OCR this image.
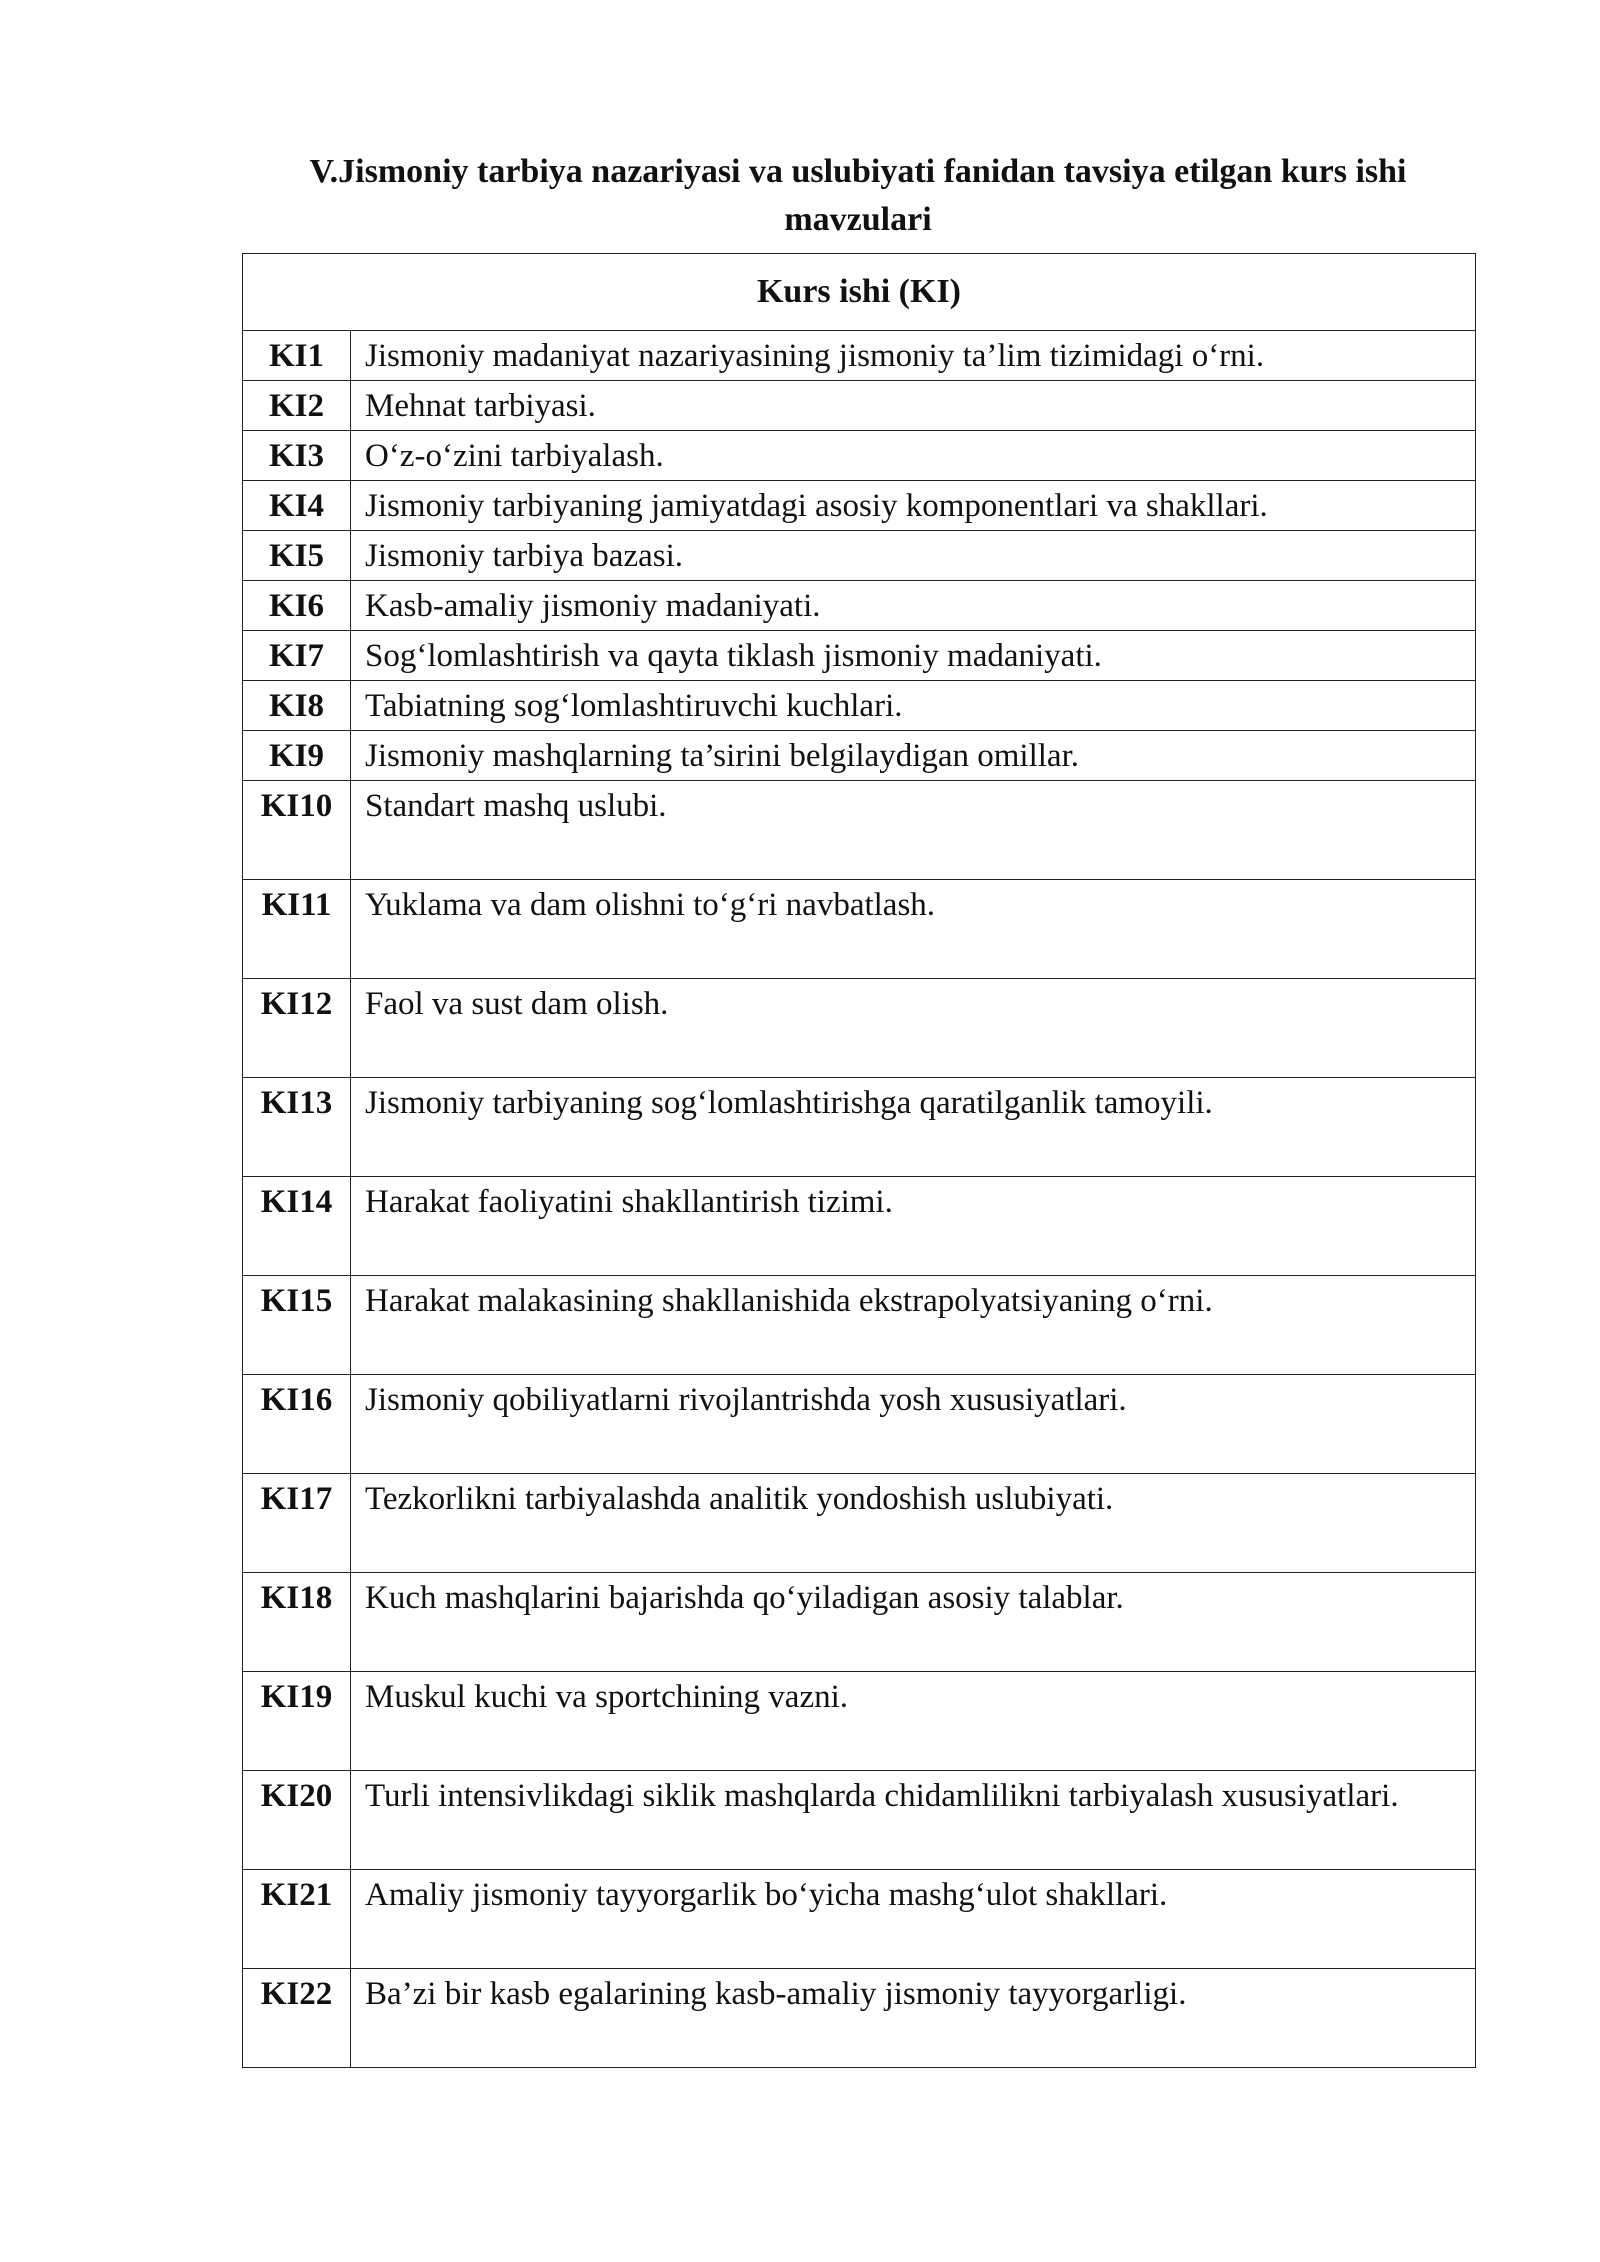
V.Jismoniy tarbiya nazariyasi va uslubiyati fanidan tavsiya etilgan kurs ishi mavzulari
Kurs ishi (KI)	
KI1	Jismoniy madaniyat nazariyasining jismoniy ta’lim tizimidagi o‘rni.
KI2	Mehnat tarbiyasi.
KI3	O‘z-o‘zini tarbiyalash.
KI4	Jismoniy tarbiyaning jamiyatdagi asosiy komponentlari va shakllari.
KI5	Jismoniy tarbiya bazasi.
KI6	Kasb-amaliy jismoniy madaniyati.
KI7	Sog‘lomlashtirish va qayta tiklash jismoniy madaniyati.
KI8	Tabiatning sog‘lomlashtiruvchi kuchlari.
KI9	Jismoniy mashqlarning ta’sirini belgilaydigan omillar.
KI10	Standart mashq uslubi.
KI11	Yuklama va dam olishni to‘g‘ri navbatlash.
KI12	Faol va sust dam olish.
KI13	Jismoniy tarbiyaning sog‘lomlashtirishga qaratilganlik tamoyili.
KI14	Harakat faoliyatini shakllantirish tizimi.
KI15	Harakat malakasining shakllanishida ekstrapolyatsiyaning o‘rni.
KI16	Jismoniy qobiliyatlarni rivojlantrishda yosh xususiyatlari.
KI17	Tezkorlikni tarbiyalashda analitik yondoshish uslubiyati.
KI18	Kuch mashqlarini bajarishda qo‘yiladigan asosiy talablar.
KI19	Muskul kuchi va sportchining vazni.
KI20	Turli intensivlikdagi siklik mashqlarda chidamlilikni tarbiyalash xususiyatlari.
KI21	Amaliy jismoniy tayyorgarlik bo‘yicha mashg‘ulot shakllari.
KI22	Ba’zi bir kasb egalarining kasb-amaliy jismoniy tayyorgarligi.
